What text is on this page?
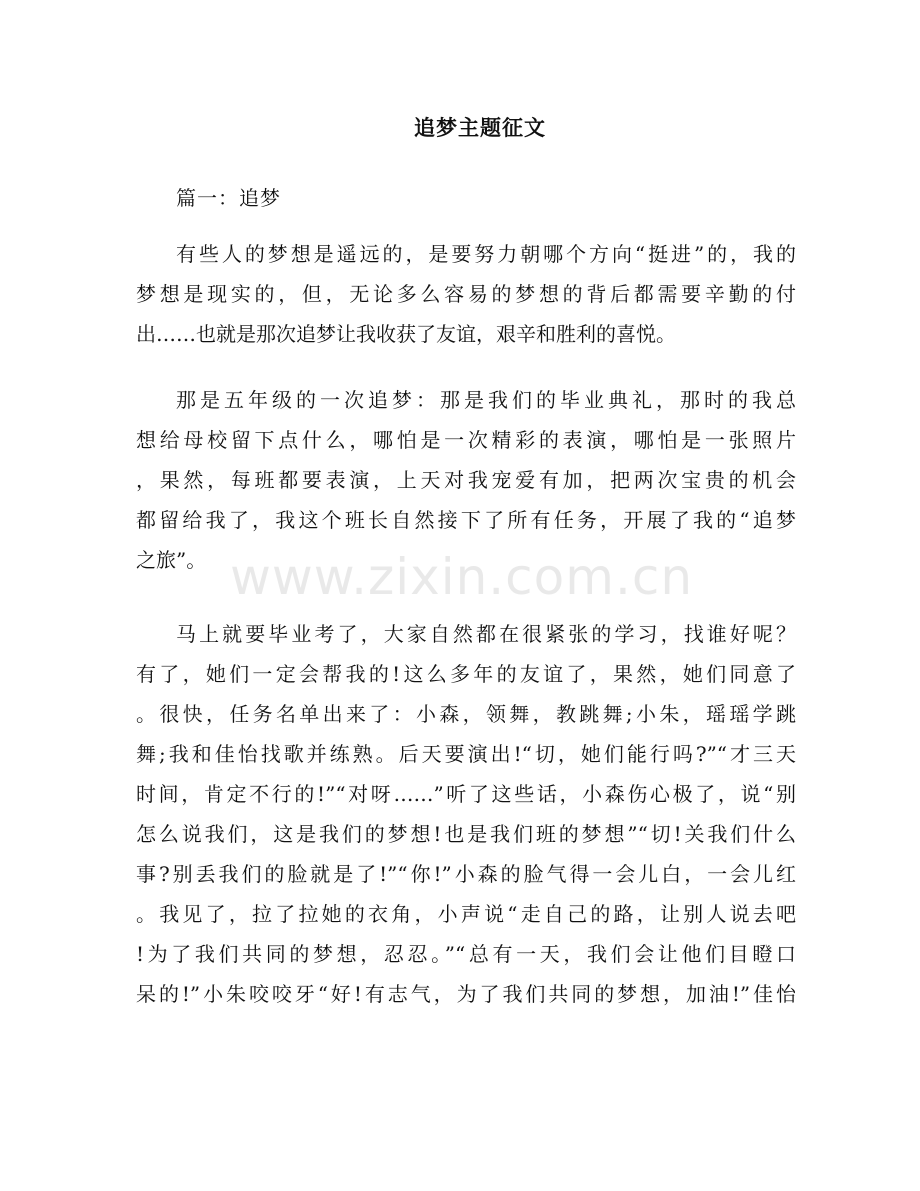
追梦主题征文
篇一：追梦
有些人的梦想是遥远的，是要努力朝哪个方向“挺进”的，我的
梦想是现实的，但，无论多么容易的梦想的背后都需要辛勤的付
出……也就是那次追梦让我收获了友谊，艰辛和胜利的喜悦。
那是五年级的一次追梦：那是我们的毕业典礼，那时的我总
想给母校留下点什么，哪怕是一次精彩的表演，哪怕是一张照片
，果然，每班都要表演，上天对我宠爱有加，把两次宝贵的机会
都留给我了，我这个班长自然接下了所有任务，开展了我的“追梦
之旅”。
马上就要毕业考了，大家自然都在很紧张的学习，找谁好呢？
有了，她们一定会帮我的!这么多年的友谊了，果然，她们同意了
。很快，任务名单出来了：小森，领舞，教跳舞;小朱，瑶瑶学跳
舞;我和佳怡找歌并练熟。后天要演出!“切，她们能行吗?”“才三天
时间，肯定不行的!”“对呀……”听了这些话，小森伤心极了，说“别
怎么说我们，这是我们的梦想!也是我们班的梦想”“切!关我们什么
事?别丢我们的脸就是了!”“你!”小森的脸气得一会儿白，一会儿红
。我见了，拉了拉她的衣角，小声说“走自己的路，让别人说去吧
!为了我们共同的梦想，忍忍。”“总有一天，我们会让他们目瞪口
呆的!”小朱咬咬牙“好!有志气，为了我们共同的梦想，加油!”佳怡
www.zixin.com.cn
